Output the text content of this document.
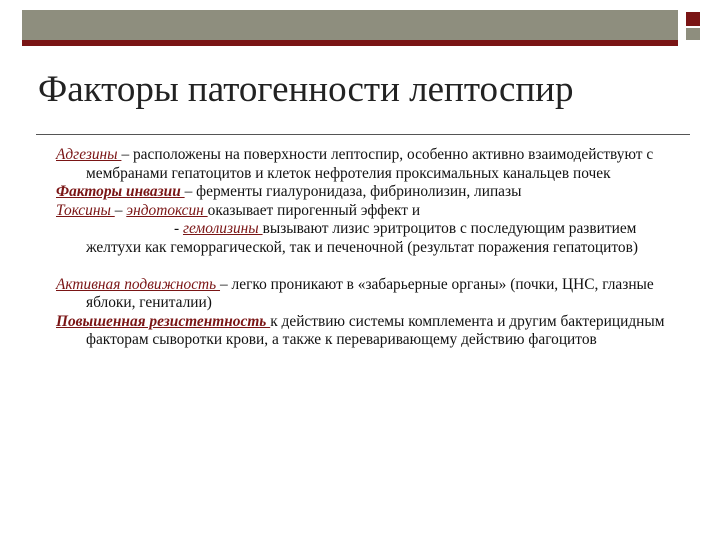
Факторы патогенности лептоспир

Адгезины – расположены на поверхности лептоспир, особенно активно взаимодействуют с мембранами гепатоцитов и клеток нефротелия проксимальных канальцев почек

Факторы инвазии – ферменты гиалуронидаза, фибринолизин, липазы

Токсины – эндотоксин оказывает пирогенный эффект и

- гемолизины вызывают лизис эритроцитов с последующим развитием желтухи как геморрагической, так и печеночной (результат поражения гепатоцитов)

Активная подвижность – легко проникают в «забарьерные органы» (почки, ЦНС, глазные яблоки, гениталии)

Повышенная резистентность к действию системы комплемента и другим бактерицидным факторам сыворотки крови, а также к переваривающему действию фагоцитов
